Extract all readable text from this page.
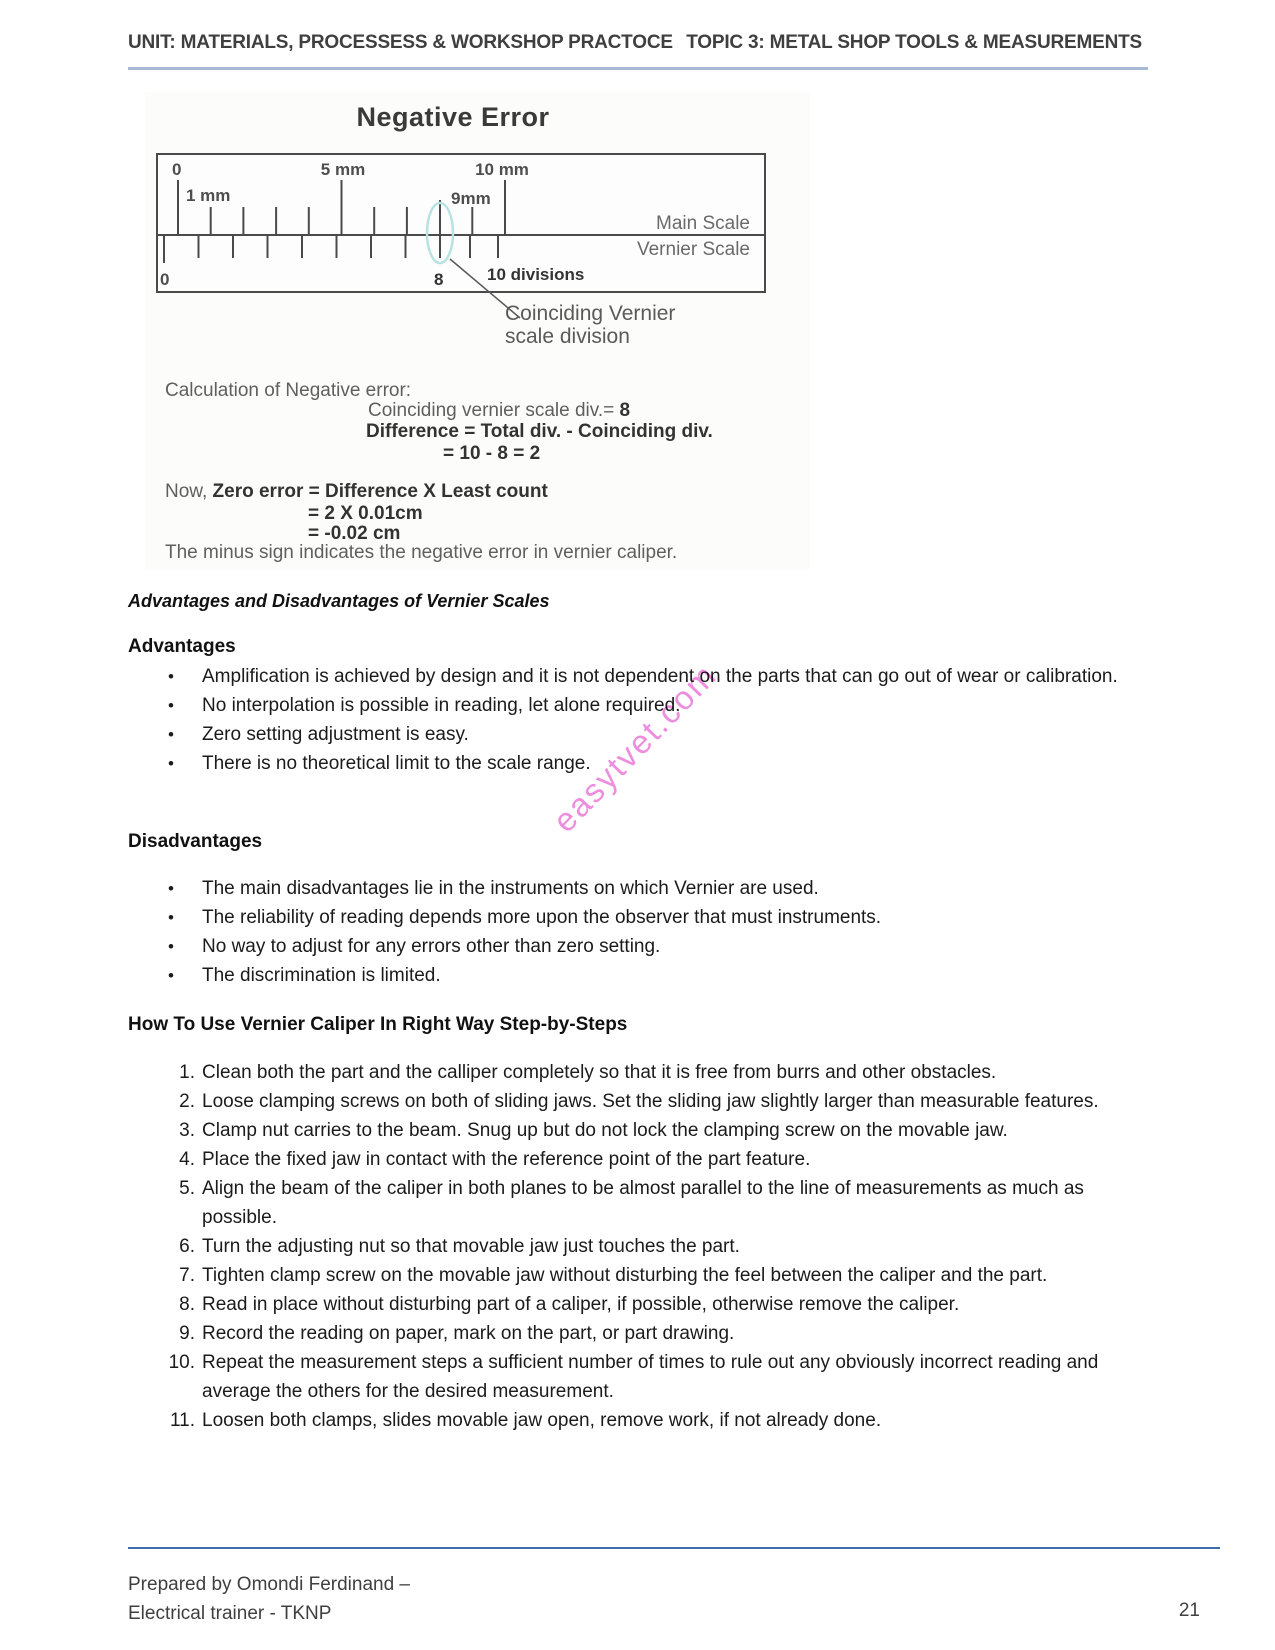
UNIT: MATERIALS, PROCESSESS & WORKSHOP PRACTOCE TOPIC 3: METAL SHOP TOOLS & MEASUREMENTS
Negative Error
0	5 mm	10 mm
1 mm	9mm
Main Scale
Vernier Scale
0	8	10 divisions
Coinciding Vernier
scale division
Calculation of Negative error:
Coinciding vernier scale div.= 8
Difference = Total div. - Coinciding div.
= 10 - 8 = 2
Now, Zero error = Difference X Least count
= 2 X 0.01cm
= -0.02 cm
The minus sign indicates the negative error in vernier caliper.
Advantages and Disadvantages of Vernier Scales
Advantages
•	Amplification is achieved by design and it is not dependent on the parts that can go out of wear or calibration.
•	No interpolation is possible in reading, let alone required.
•	Zero setting adjustment is easy.
•	There is no theoretical limit to the scale range.
Disadvantages
•	The main disadvantages lie in the instruments on which Vernier are used.
•	The reliability of reading depends more upon the observer that must instruments.
•	No way to adjust for any errors other than zero setting.
•	The discrimination is limited.
How To Use Vernier Caliper In Right Way Step-by-Steps
1. Clean both the part and the calliper completely so that it is free from burrs and other obstacles.
2. Loose clamping screws on both of sliding jaws. Set the sliding jaw slightly larger than measurable features.
3. Clamp nut carries to the beam. Snug up but do not lock the clamping screw on the movable jaw.
4. Place the fixed jaw in contact with the reference point of the part feature.
5. Align the beam of the caliper in both planes to be almost parallel to the line of measurements as much as possible.
6. Turn the adjusting nut so that movable jaw just touches the part.
7. Tighten clamp screw on the movable jaw without disturbing the feel between the caliper and the part.
8. Read in place without disturbing part of a caliper, if possible, otherwise remove the caliper.
9. Record the reading on paper, mark on the part, or part drawing.
10. Repeat the measurement steps a sufficient number of times to rule out any obviously incorrect reading and average the others for the desired measurement.
11. Loosen both clamps, slides movable jaw open, remove work, if not already done.
easytvet.com
Prepared by Omondi Ferdinand –
Electrical trainer - TKNP	21
